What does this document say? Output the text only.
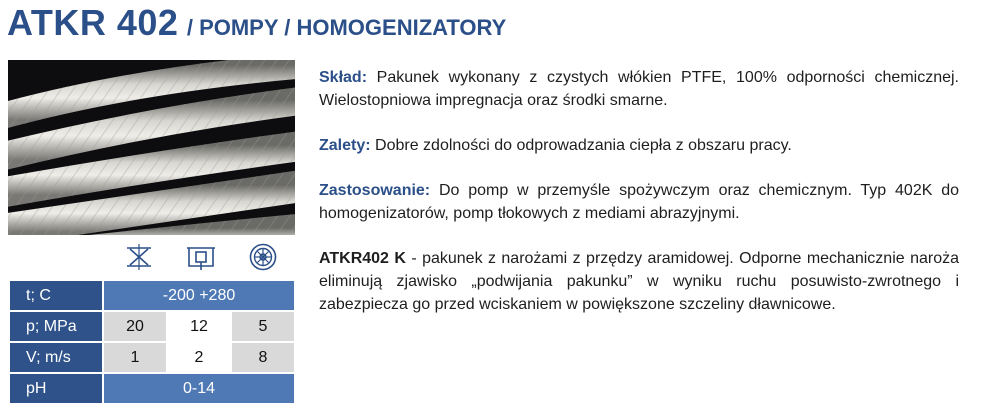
ATKR 402 / POMPY / HOMOGENIZATORY
t; C	-200 +280		
p; MPa	20	12	5
V; m/s	1	2	8
pH	0-14		

Skład: Pakunek wykonany z czystych włókien PTFE, 100% odporności chemicznej. Wielostopniowa impregnacja oraz środki smarne.

Zalety: Dobre zdolności do odprowadzania ciepła z obszaru pracy.

Zastosowanie: Do pomp w przemyśle spożywczym oraz chemicznym. Typ 402K do homogenizatorów, pomp tłokowych z mediami abrazyjnymi.

ATKR402 K - pakunek z narożami z przędzy aramidowej. Odporne mechanicznie naroża eliminują zjawisko „podwijania pakunku” w wyniku ruchu posuwisto-zwrotnego i zabezpiecza go przed wciskaniem w powiększone szczeliny dławnicowe.
